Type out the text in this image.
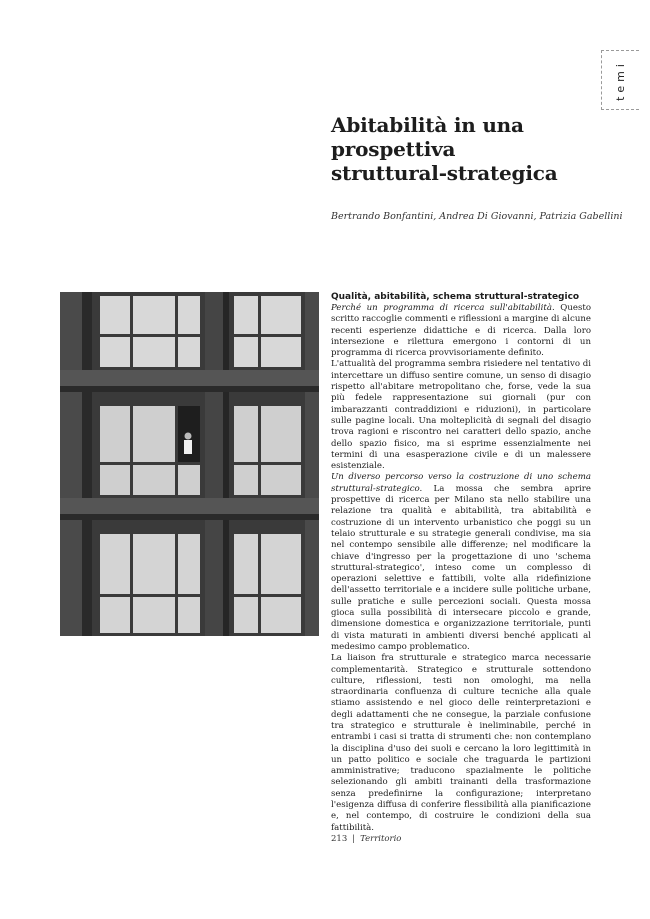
temi
Abitabilità in una
prospettiva
struttural-strategica
Bertrando Bonfantini, Andrea Di Giovanni, Patrizia Gabellini
Qualità, abitabilità, schema struttural-strategico

Perché un programma di ricerca sull'abitabilità. Questo scritto raccoglie commenti e riflessioni a margine di alcune recenti esperienze didattiche e di ricerca. Dalla loro intersezione e rilettura emergono i contorni di un programma di ricerca provvisoriamente definito.

L'attualità del programma sembra risiedere nel tentativo di intercettare un diffuso sentire comune, un senso di disagio rispetto all'abitare metropolitano che, forse, vede la sua più fedele rappresentazione sui giornali (pur con imbarazzanti contraddizioni e riduzioni), in particolare sulle pagine locali. Una molteplicità di segnali del disagio trova ragioni e riscontro nei caratteri dello spazio, anche dello spazio fisico, ma si esprime essenzialmente nei termini di una esasperazione civile e di un malessere esistenziale.

Un diverso percorso verso la costruzione di uno schema struttural-strategico. La mossa che sembra aprire prospettive di ricerca per Milano sta nello stabilire una relazione tra qualità e abitabilità, tra abitabilità e costruzione di un intervento urbanistico che poggi su un telaio strutturale e su strategie generali condivise, ma sia nel contempo sensibile alle differenze; nel modificare la chiave d'ingresso per la progettazione di uno 'schema struttural-strategico', inteso come un complesso di operazioni selettive e fattibili, volte alla ridefinizione dell'assetto territoriale e a incidere sulle politiche urbane, sulle pratiche e sulle percezioni sociali. Questa mossa gioca sulla possibilità di intersecare piccolo e grande, dimensione domestica e organizzazione territoriale, punti di vista maturati in ambienti diversi benché applicati al medesimo campo problematico.

La liaison fra strutturale e strategico marca necessarie complementarità. Strategico e strutturale sottendono culture, riflessioni, testi non omologhi, ma nella straordinaria confluenza di culture tecniche alla quale stiamo assistendo e nel gioco delle reinterpretazioni e degli adattamenti che ne consegue, la parziale confusione tra strategico e strutturale è ineliminabile, perché in entrambi i casi si tratta di strumenti che: non contemplano la disciplina d'uso dei suoli e cercano la loro legittimità in un patto politico e sociale che traguarda le partizioni amministrative; traducono spazialmente le politiche selezionando gli ambiti trainanti della trasformazione senza predefinirne la configurazione; interpretano l'esigenza diffusa di conferire flessibilità alla pianificazione e, nel contempo, di costruire le condizioni della sua fattibilità.

213 | Territorio
